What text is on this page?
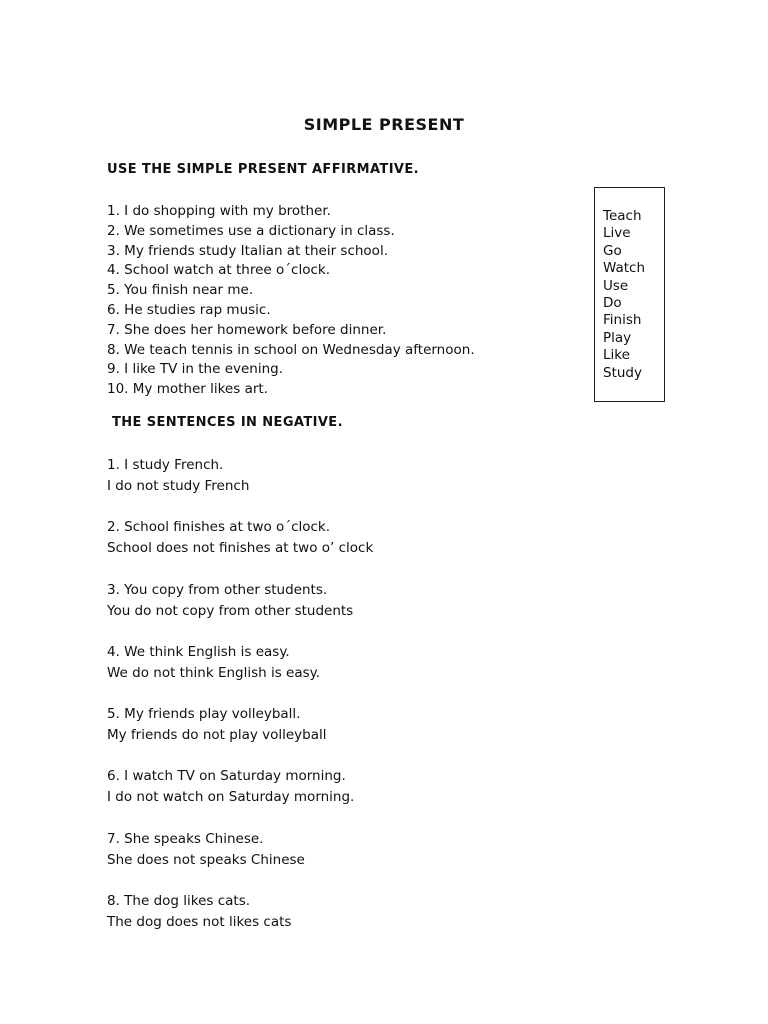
SIMPLE PRESENT
USE THE SIMPLE PRESENT AFFIRMATIVE.
1. I do shopping with my brother.
2. We sometimes use a dictionary in class.
3. My friends study Italian at their school.
4. School watch at three o´clock.
5. You finish near me.
6. He studies rap music.
7. She does her homework before dinner.
8. We teach tennis in school on Wednesday afternoon.
9. I like TV in the evening.
10. My mother likes art.
Teach
Live
Go
Watch
Use
Do
Finish
Play
Like
Study
THE SENTENCES IN NEGATIVE.
1. I study French.
I do not study French
2. School finishes at two o´clock.
School does not finishes at two o’ clock
3. You copy from other students.
You do not copy from other students
4. We think English is easy.
We do not think English is easy.
5. My friends play volleyball.
My friends do not play volleyball
6. I watch TV on Saturday morning.
I do not watch on Saturday morning.
7. She speaks Chinese.
She does not speaks Chinese
8. The dog likes cats.
The dog does not likes cats
